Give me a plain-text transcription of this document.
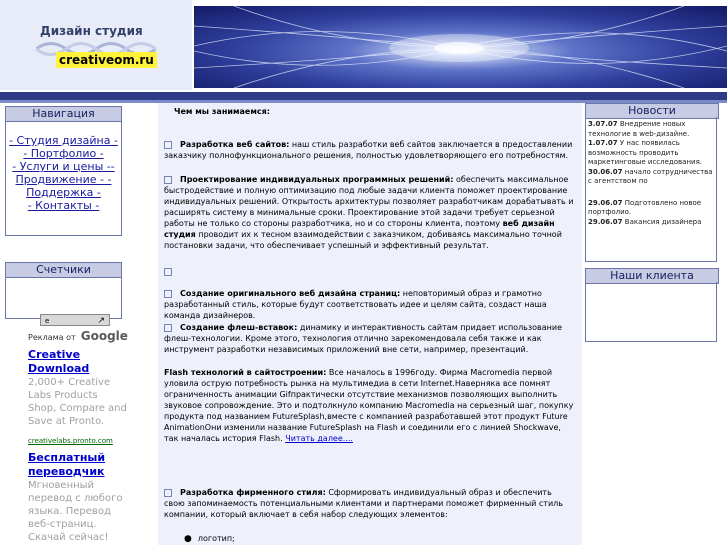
Дизайн студия
creativeom.ru
Навигация
- Студия дизайна -
- Портфолио -
- Услуги и цены --
Продвижение - -
Поддержка -
- Контакты -
Счетчики
e	↗
Реклама от Google
Creative Download
2,000+ Creative Labs Products Shop, Compare and Save at Pronto.
creativelabs.pronto.com
Бесплатный переводчик
Мгновенный перевод с любого языка. Перевод веб-страниц. Скачай сейчас!
Чем мы занимаемся:
Разработка веб сайтов: наш стиль разработки веб сайтов заключается в предоставлении заказчику полнофункционального решения, полностью удовлетворяющего его потребностям.
Проектирование индивидуальных программных решений: обеспечить максимальное быстродействие и полную оптимизацию под любые задачи клиента поможет проектирование индивидуальных решений. Открытость архитектуры позволяет разработчикам дорабатывать и расширять систему в минимальные сроки. Проектирование этой задачи требует серьезной работы не только со стороны разработчика, но и со стороны клиента, поэтому веб дизайн студия проводит их к тесном взаимодействии с заказчиком, добиваясь максимально точной постановки задачи, что обеспечивает успешный и эффективный результат.
Создание оригинального веб дизайна страниц: неповторимый образ и грамотно разработанный стиль, которые будут соответствовать идее и целям сайта, создаст наша команда дизайнеров.
Создание флеш-вставок: динамику и интерактивность сайтам придает использование флеш-технологии. Кроме этого, технология отлично зарекомендовала себя также и как инструмент разработки независимых приложений вне сети, например, презентаций.
Flash технологий в сайтостроении: Все началось в 1996году. Фирма Macromedia первой уловила острую потребность рынка на мультимедиа в сети Internet.Наверняка все помнят ограниченность анимации Gifпрактически отсутствие механизмов позволяющих выполнить звуковое сопровождение. Это и подтолкнуло компанию Macromedia на серьезный шаг, покупку продукта под названием FutureSplash,вместе с компанией разработавшей этот продукт Future AnimationОни изменили название FutureSplash на Flash и соединили его с линией Shockwave, так началась история Flash. Читать далее....
Разработка фирменного стиля: Сформировать индивидуальный образ и обеспечить свою запоминаемость потенциальными клиентами и партнерами поможет фирменный стиль компании, который включает в себя набор следующих элементов:
● логотип;
Новости
3.07.07 Внедрение новых технологие в web-дизайне.
1.07.07 У нас появилась возможность проводить маркетинговые исследования.
30.06.07 начало сотрудничества с агентством по
29.06.07 Подготовлено новое портфолио.
29.06.07 Вакансия дизайнера
Наши клиента
